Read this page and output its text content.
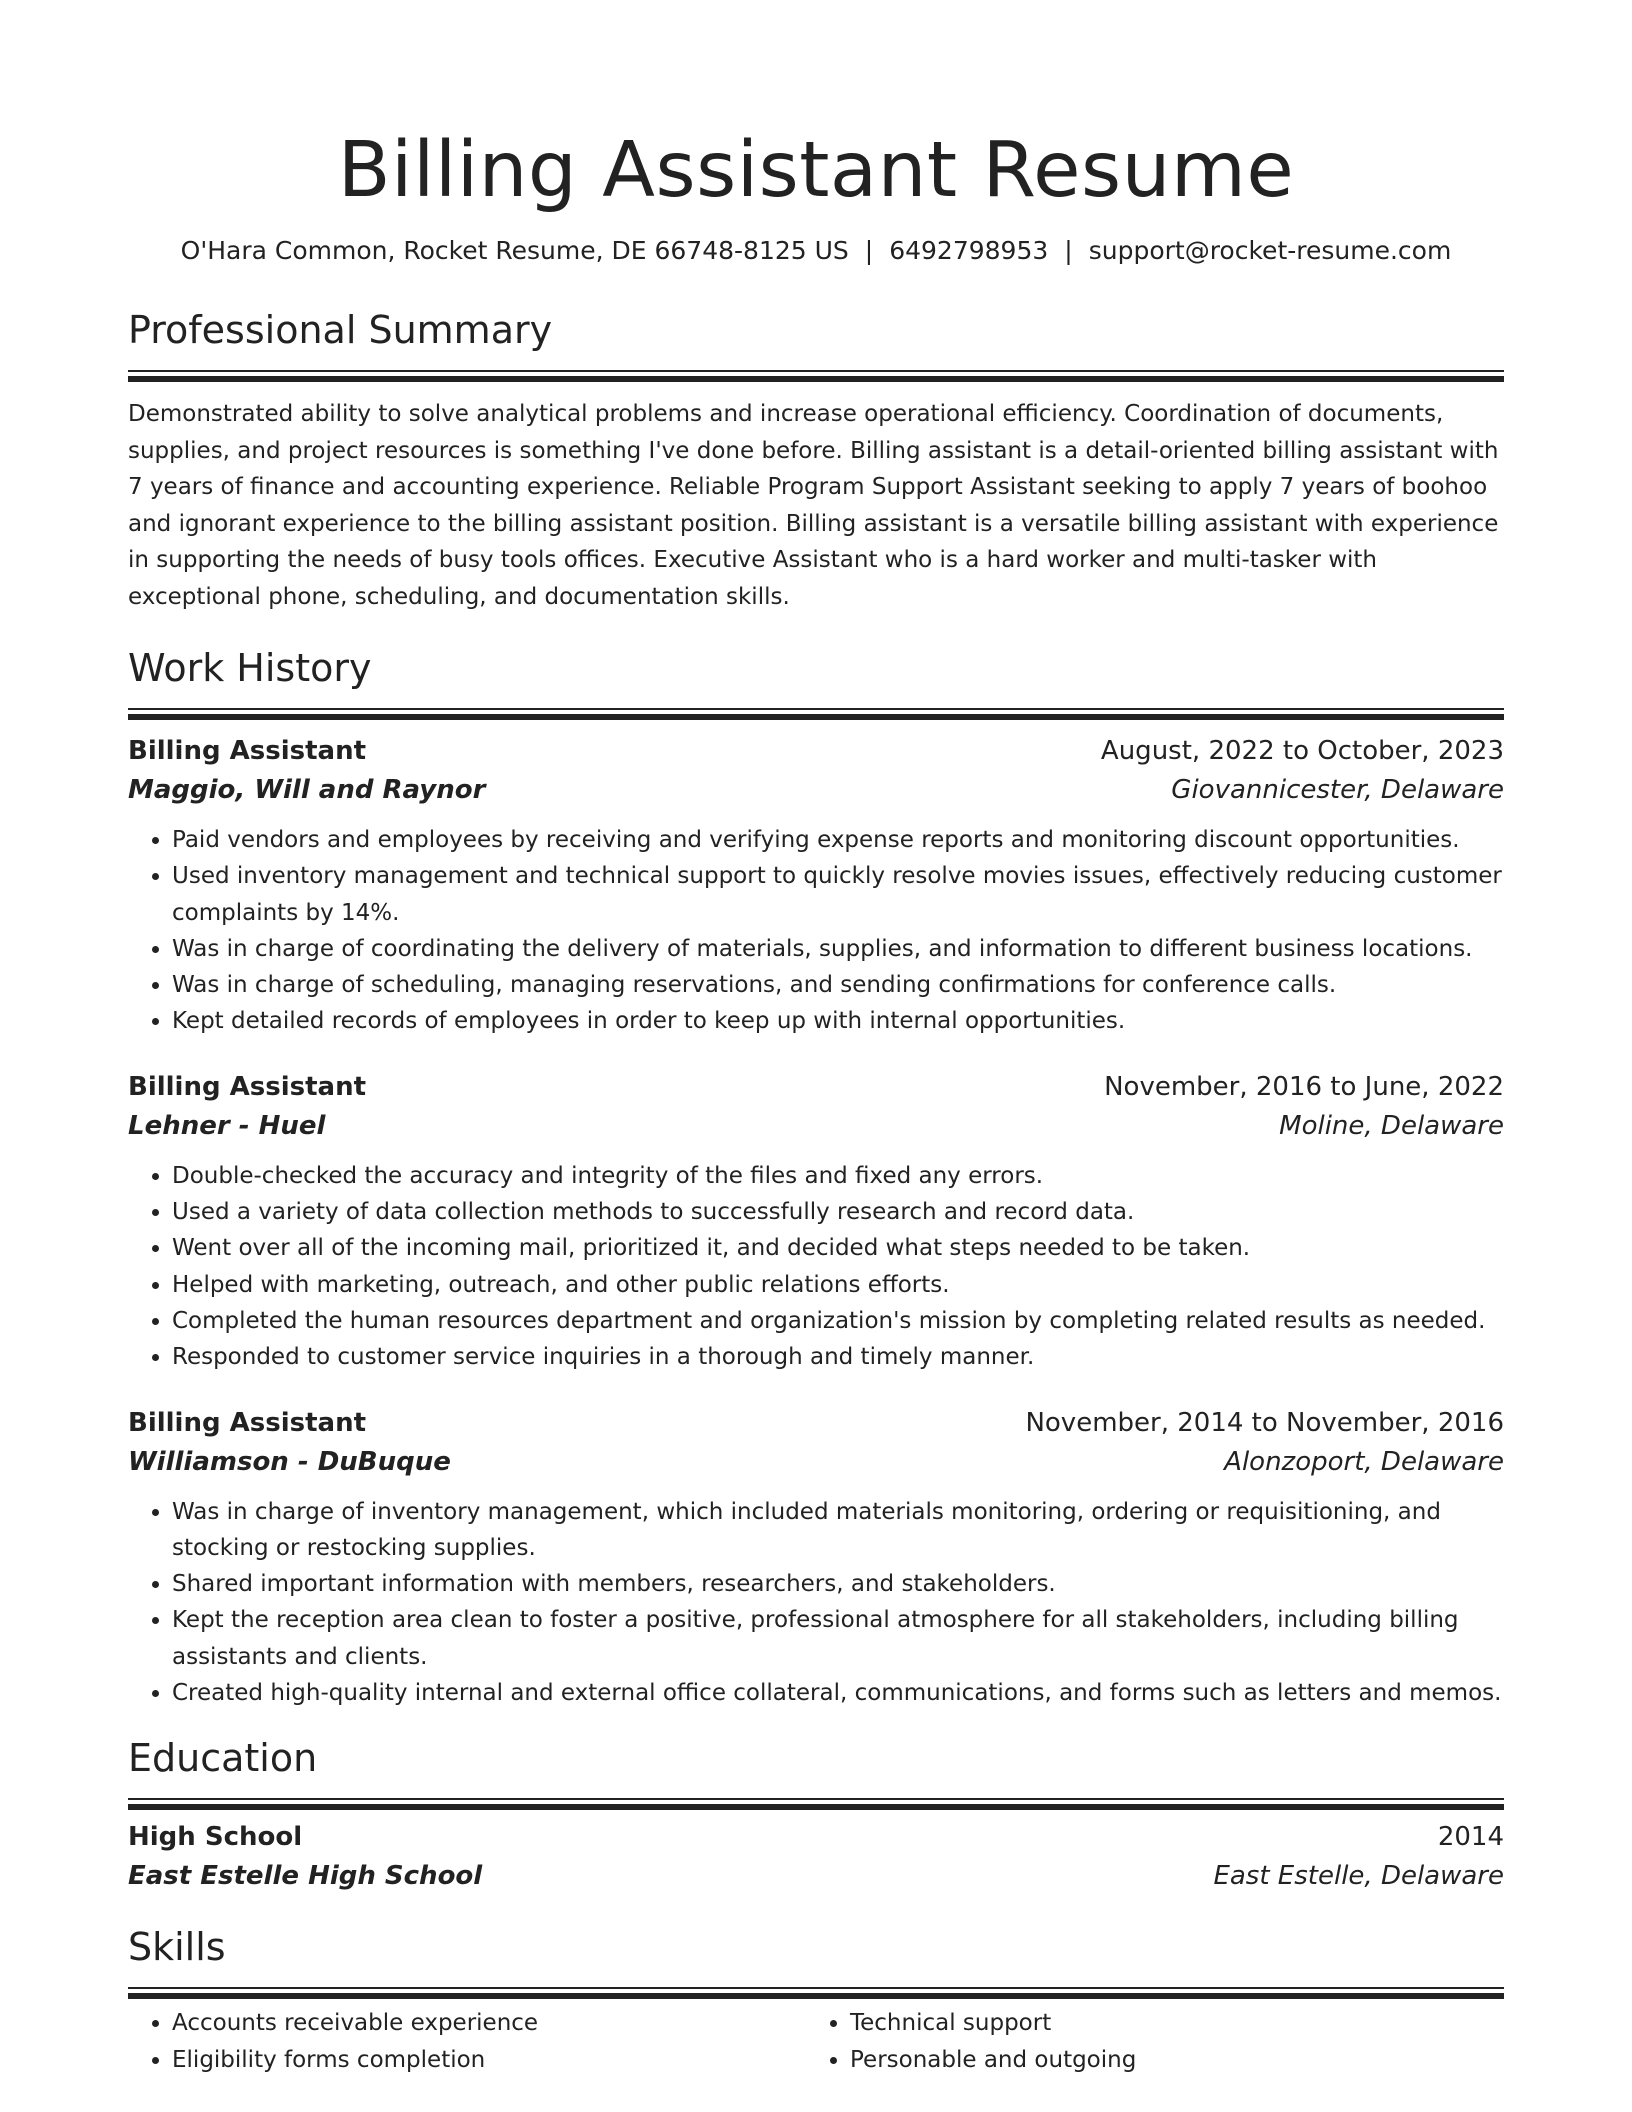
Billing Assistant Resume
O'Hara Common, Rocket Resume, DE 66748-8125 US | 6492798953 | support@rocket-resume.com
Professional Summary

Demonstrated ability to solve analytical problems and increase operational efficiency. Coordination of documents, supplies, and project resources is something I've done before. Billing assistant is a detail-oriented billing assistant with 7 years of finance and accounting experience. Reliable Program Support Assistant seeking to apply 7 years of boohoo and ignorant experience to the billing assistant position. Billing assistant is a versatile billing assistant with experience in supporting the needs of busy tools offices. Executive Assistant who is a hard worker and multi-tasker with exceptional phone, scheduling, and documentation skills.

Work History
Billing Assistant	August, 2022 to October, 2023
Maggio, Will and Raynor	Giovannicester, Delaware
• Paid vendors and employees by receiving and verifying expense reports and monitoring discount opportunities.
• Used inventory management and technical support to quickly resolve movies issues, effectively reducing customer complaints by 14%.
• Was in charge of coordinating the delivery of materials, supplies, and information to different business locations.
• Was in charge of scheduling, managing reservations, and sending confirmations for conference calls.
• Kept detailed records of employees in order to keep up with internal opportunities.
Billing Assistant	November, 2016 to June, 2022
Lehner - Huel	Moline, Delaware
• Double-checked the accuracy and integrity of the files and fixed any errors.
• Used a variety of data collection methods to successfully research and record data.
• Went over all of the incoming mail, prioritized it, and decided what steps needed to be taken.
• Helped with marketing, outreach, and other public relations efforts.
• Completed the human resources department and organization's mission by completing related results as needed.
• Responded to customer service inquiries in a thorough and timely manner.
Billing Assistant	November, 2014 to November, 2016
Williamson - DuBuque	Alonzoport, Delaware
• Was in charge of inventory management, which included materials monitoring, ordering or requisitioning, and stocking or restocking supplies.
• Shared important information with members, researchers, and stakeholders.
• Kept the reception area clean to foster a positive, professional atmosphere for all stakeholders, including billing assistants and clients.
• Created high-quality internal and external office collateral, communications, and forms such as letters and memos.
Education
High School	2014
East Estelle High School	East Estelle, Delaware
Skills
• Accounts receivable experience
• Eligibility forms completion
• Technical support
• Personable and outgoing
